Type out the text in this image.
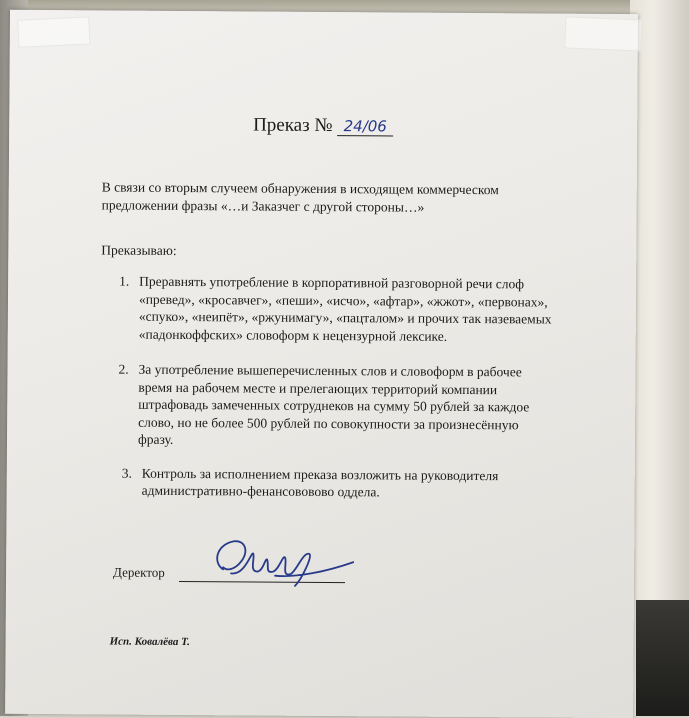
Преказ № 24/06

В связи со вторым случеем обнаружения в исходящем коммерческом

предложении фразы «…и Заказчег с другой стороны…»

Преказываю:
1. Преравнять употребление в корпоративной разговорной речи слоф
«превед», «кросавчег», «пеши», «исчо», «афтар», «жжот», «первонах»,
«спуко», «неипёт», «ржунимагу», «пацталом» и прочих так назеваемых
«падонкоффских» словоформ к нецензурной лексике.
2. За употребление вышеперечисленных слов и словоформ в рабочее
время на рабочем месте и прелегающих территорий компании
штрафовадь замеченных сотруднеков на сумму 50 рублей за каждое
слово, но не более 500 рублей по совокупности за произнесённую
фразу.
3. Контроль за исполнением преказа возложить на руководителя
административно-фенансововово оддела.
Деректор
Исп. Ковалёва Т.
